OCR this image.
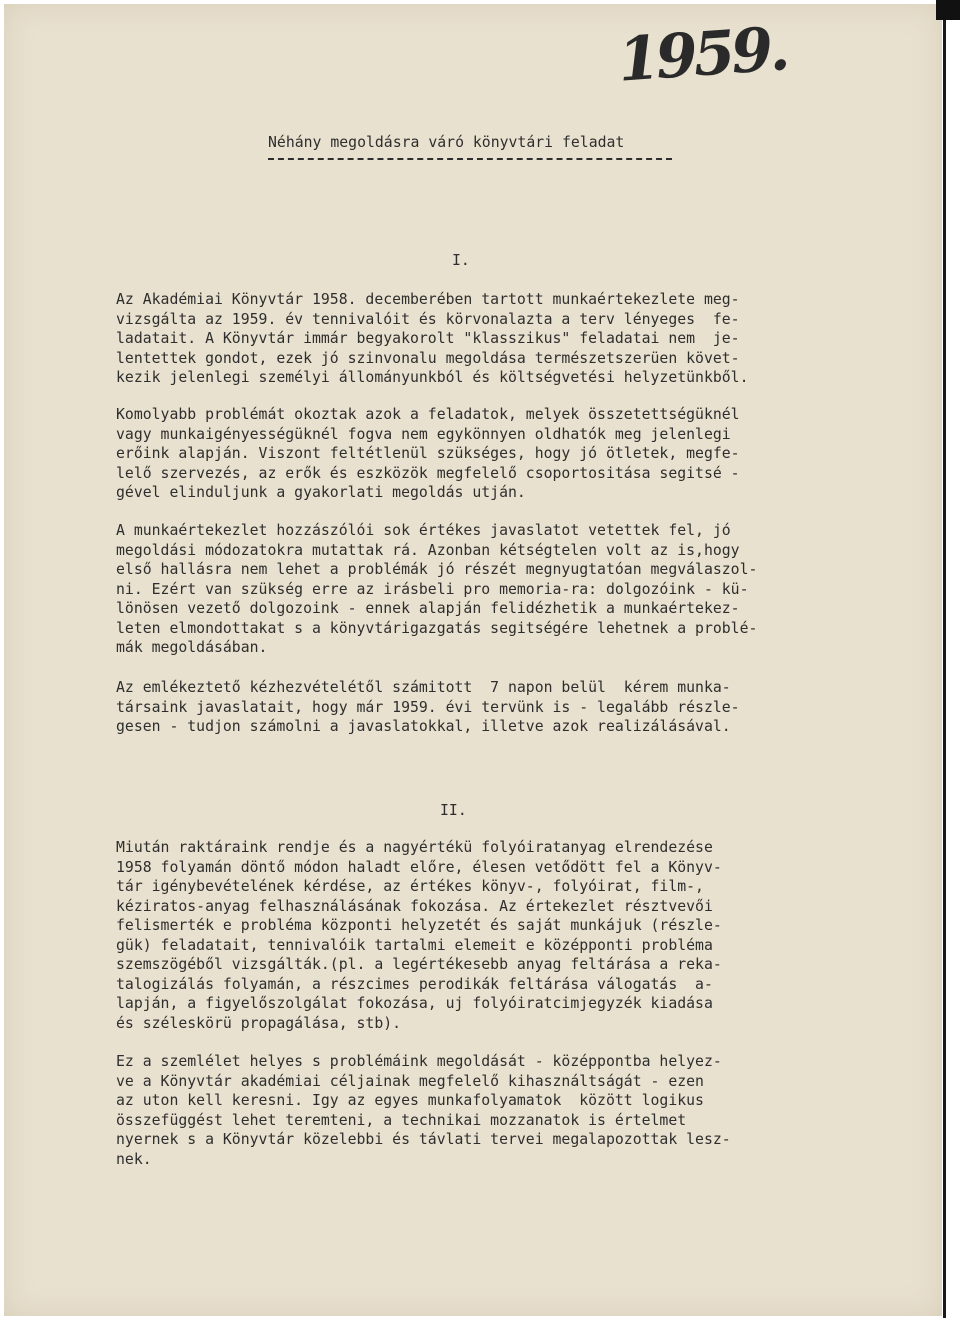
1959.
Néhány megoldásra váró könyvtári feladat
I.
Az Akadémiai Könyvtár 1958. decemberében tartott munkaértekezlete meg-
vizsgálta az 1959. év tennivalóit és körvonalazta a terv lényeges  fe-
ladatait. A Könyvtár immár begyakorolt "klasszikus" feladatai nem  je-
lentettek gondot, ezek jó szinvonalu megoldása természetszerüen követ-
kezik jelenlegi személyi állományunkból és költségvetési helyzetünkből.
Komolyabb problémát okoztak azok a feladatok, melyek összetettségüknél
vagy munkaigényességüknél fogva nem egykönnyen oldhatók meg jelenlegi
erőink alapján. Viszont feltétlenül szükséges, hogy jó ötletek, megfe-
lelő szervezés, az erők és eszközök megfelelő csoportositása segitsé -
gével elinduljunk a gyakorlati megoldás utján.
A munkaértekezlet hozzászólói sok értékes javaslatot vetettek fel, jó
megoldási módozatokra mutattak rá. Azonban kétségtelen volt az is,hogy
első hallásra nem lehet a problémák jó részét megnyugtatóan megválaszol-
ni. Ezért van szükség erre az irásbeli pro memoria-ra: dolgozóink - kü-
lönösen vezető dolgozoink - ennek alapján felidézhetik a munkaértekez-
leten elmondottakat s a könyvtárigazgatás segitségére lehetnek a problé-
mák megoldásában.
Az emlékeztető kézhezvételétől számitott  7 napon belül  kérem munka-
társaink javaslatait, hogy már 1959. évi tervünk is - legalább részle-
gesen - tudjon számolni a javaslatokkal, illetve azok realizálásával.
II.
Miután raktáraink rendje és a nagyértékü folyóiratanyag elrendezése
1958 folyamán döntő módon haladt előre, élesen vetődött fel a Könyv-
tár igénybevételének kérdése, az értékes könyv-, folyóirat, film-,
kéziratos-anyag felhasználásának fokozása. Az értekezlet résztvevői
felismerték e probléma központi helyzetét és saját munkájuk (részle-
gük) feladatait, tennivalóik tartalmi elemeit e középponti probléma
szemszögéből vizsgálták.(pl. a legértékesebb anyag feltárása a reka-
talogizálás folyamán, a részcimes perodikák feltárása válogatás  a-
lapján, a figyelőszolgálat fokozása, uj folyóiratcimjegyzék kiadása
és széleskörü propagálása, stb).
Ez a szemlélet helyes s problémáink megoldását - középpontba helyez-
ve a Könyvtár akadémiai céljainak megfelelő kihasználtságát - ezen
az uton kell keresni. Igy az egyes munkafolyamatok  között logikus
összefüggést lehet teremteni, a technikai mozzanatok is értelmet
nyernek s a Könyvtár közelebbi és távlati tervei megalapozottak lesz-
nek.
